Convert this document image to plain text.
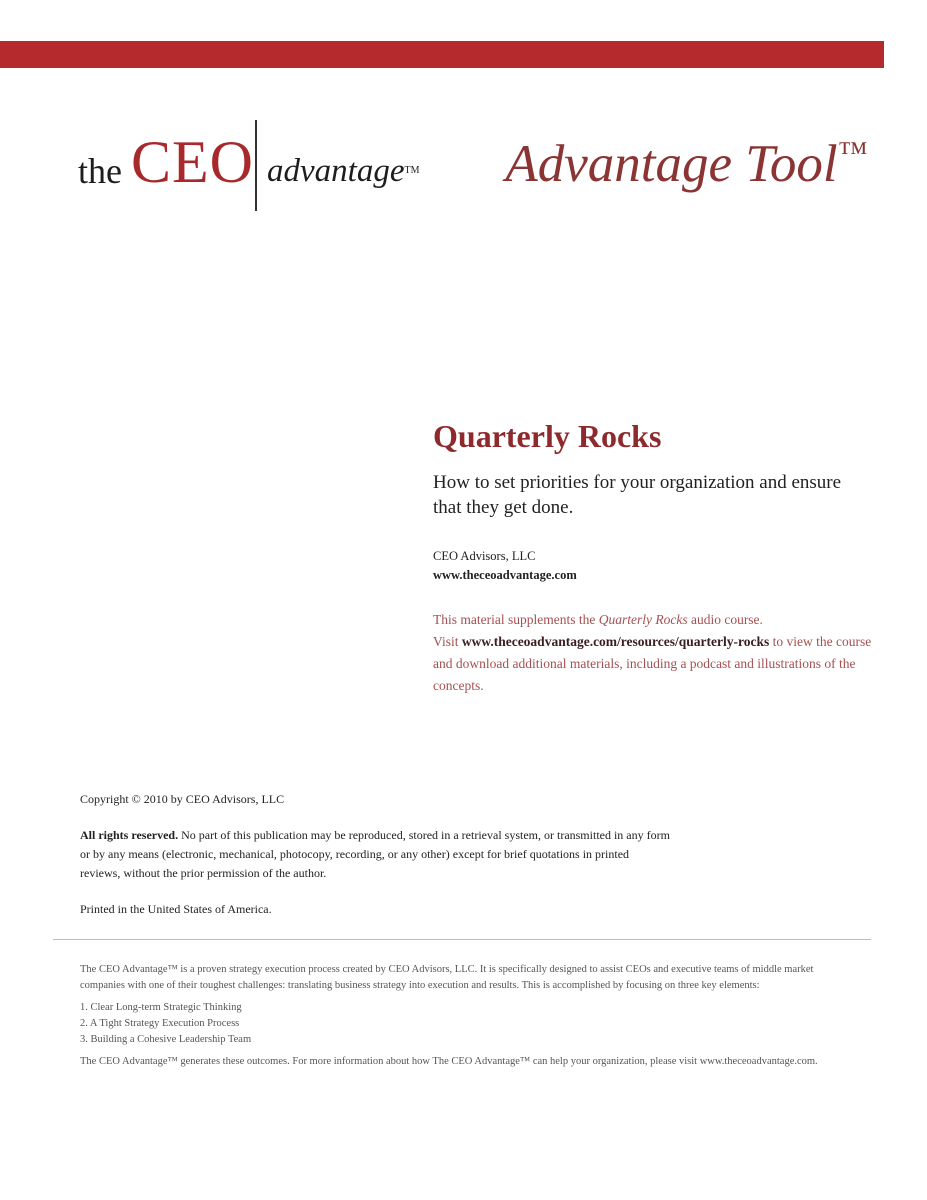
the CEO advantage™ Advantage Tool™
Quarterly Rocks
How to set priorities for your organization and ensure that they get done.
CEO Advisors, LLC
www.theceoadvantage.com
This material supplements the Quarterly Rocks audio course.
Visit www.theceoadvantage.com/resources/quarterly-rocks to view the course and download additional materials, including a podcast and illustrations of the concepts.
Copyright © 2010 by CEO Advisors, LLC
All rights reserved. No part of this publication may be reproduced, stored in a retrieval system, or transmitted in any form or by any means (electronic, mechanical, photocopy, recording, or any other) except for brief quotations in printed reviews, without the prior permission of the author.
Printed in the United States of America.

The CEO Advantage™ is a proven strategy execution process created by CEO Advisors, LLC. It is specifically designed to assist CEOs and executive teams of middle market companies with one of their toughest challenges: translating business strategy into execution and results. This is accomplished by focusing on three key elements:

1. Clear Long-term Strategic Thinking
2. A Tight Strategy Execution Process
3. Building a Cohesive Leadership Team

The CEO Advantage™ generates these outcomes. For more information about how The CEO Advantage™ can help your organization, please visit www.theceoadvantage.com.
